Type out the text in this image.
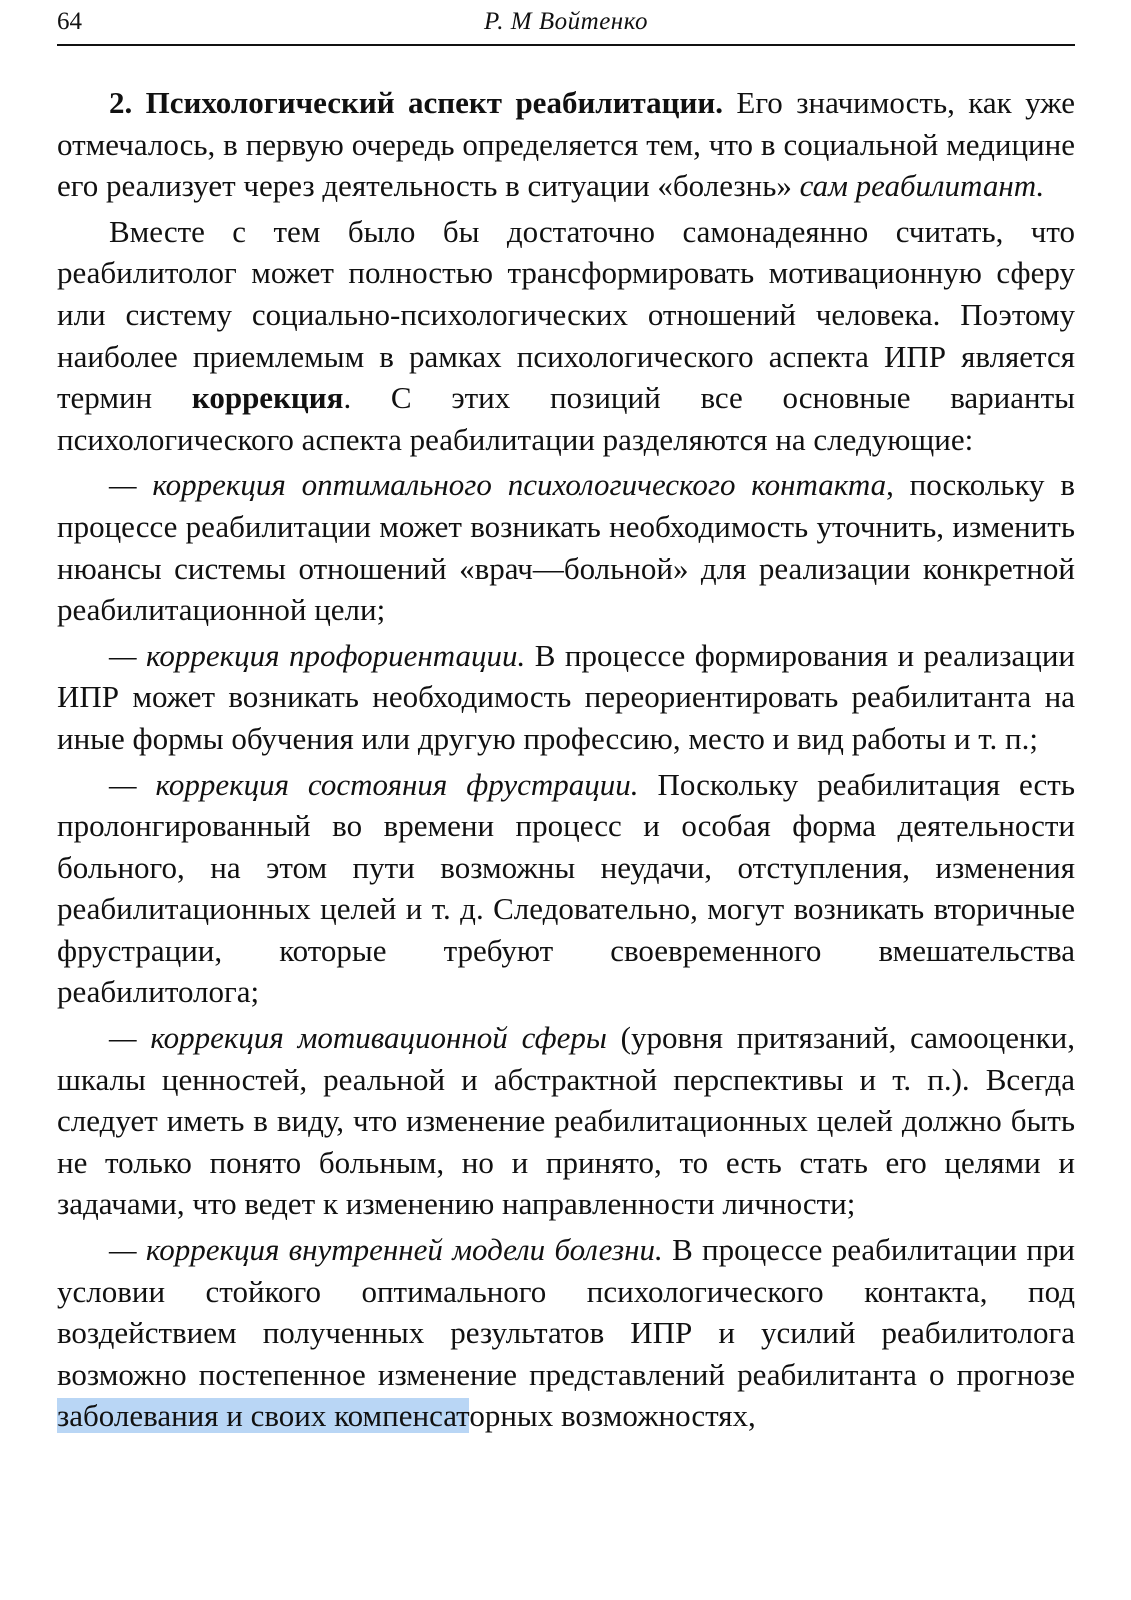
64	Р. М Войтенко

2. Психологический аспект реабилитации. Его значимость, как уже отмечалось, в первую очередь определяется тем, что в социальной медицине его реализует через деятельность в ситуации «болезнь» сам реабилитант.

Вместе с тем было бы достаточно самонадеянно считать, что реабилитолог может полностью трансформировать мотивационную сферу или систему социально-психологических отношений человека. Поэтому наиболее приемлемым в рамках психологического аспекта ИПР является термин коррекция. С этих позиций все основные варианты психологического аспекта реабилитации разделяются на следующие:

— коррекция оптимального психологического контакта, поскольку в процессе реабилитации может возникать необходимость уточнить, изменить нюансы системы отношений «врач—больной» для реализации конкретной реабилитационной цели;

— коррекция профориентации. В процессе формирования и реализации ИПР может возникать необходимость переориентировать реабилитанта на иные формы обучения или другую профессию, место и вид работы и т. п.;

— коррекция состояния фрустрации. Поскольку реабилитация есть пролонгированный во времени процесс и особая форма деятельности больного, на этом пути возможны неудачи, отступления, изменения реабилитационных целей и т. д. Следовательно, могут возникать вторичные фрустрации, которые требуют своевременного вмешательства реабилитолога;

— коррекция мотивационной сферы (уровня притязаний, самооценки, шкалы ценностей, реальной и абстрактной перспективы и т. п.). Всегда следует иметь в виду, что изменение реабилитационных целей должно быть не только понято больным, но и принято, то есть стать его целями и задачами, что ведет к изменению направленности личности;

— коррекция внутренней модели болезни. В процессе реабилитации при условии стойкого оптимального психологического контакта, под воздействием полученных результатов ИПР и усилий реабилитолога возможно постепенное изменение представлений реабилитанта о прогнозе заболевания и своих компенсаторных возможностях,
